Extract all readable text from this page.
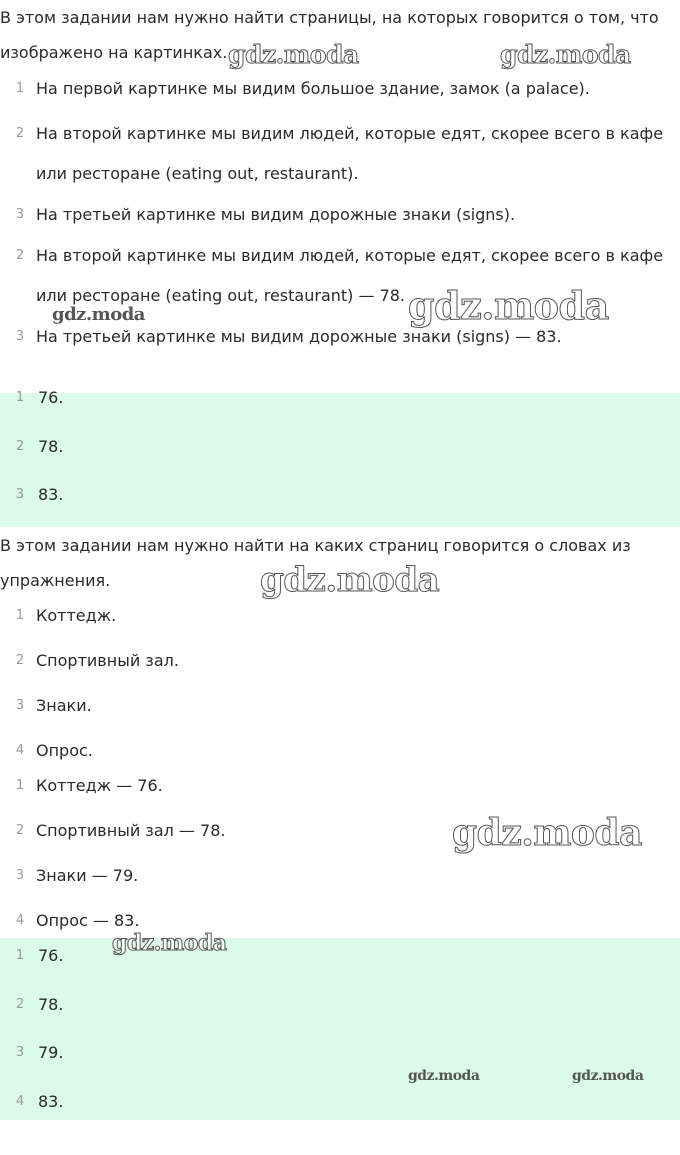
В этом задании нам нужно найти страницы, на которых говорится о том, что изображено на картинках.

1 На первой картинке мы видим большое здание, замок (a palace).
2 На второй картинке мы видим людей, которые едят, скорее всего в кафе или ресторане (eating out, restaurant).
3 На третьей картинке мы видим дорожные знаки (signs).
2 На второй картинке мы видим людей, которые едят, скорее всего в кафе или ресторане (eating out, restaurant) — 78.
3 На третьей картинке мы видим дорожные знаки (signs) — 83.
1 76.
2 78.
3 83.

В этом задании нам нужно найти на каких страниц говорится о словах из упражнения.

1 Коттедж.
2 Спортивный зал.
3 Знаки.
4 Опрос.
1 Коттедж — 76.
2 Спортивный зал — 78.
3 Знаки — 79.
4 Опрос — 83.
1 76.
2 78.
3 79.
4 83.
gdz.moda	gdz.moda
gdz.moda
gdz.moda
gdz.moda
gdz.moda
gdz.moda
gdz.moda	gdz.moda
